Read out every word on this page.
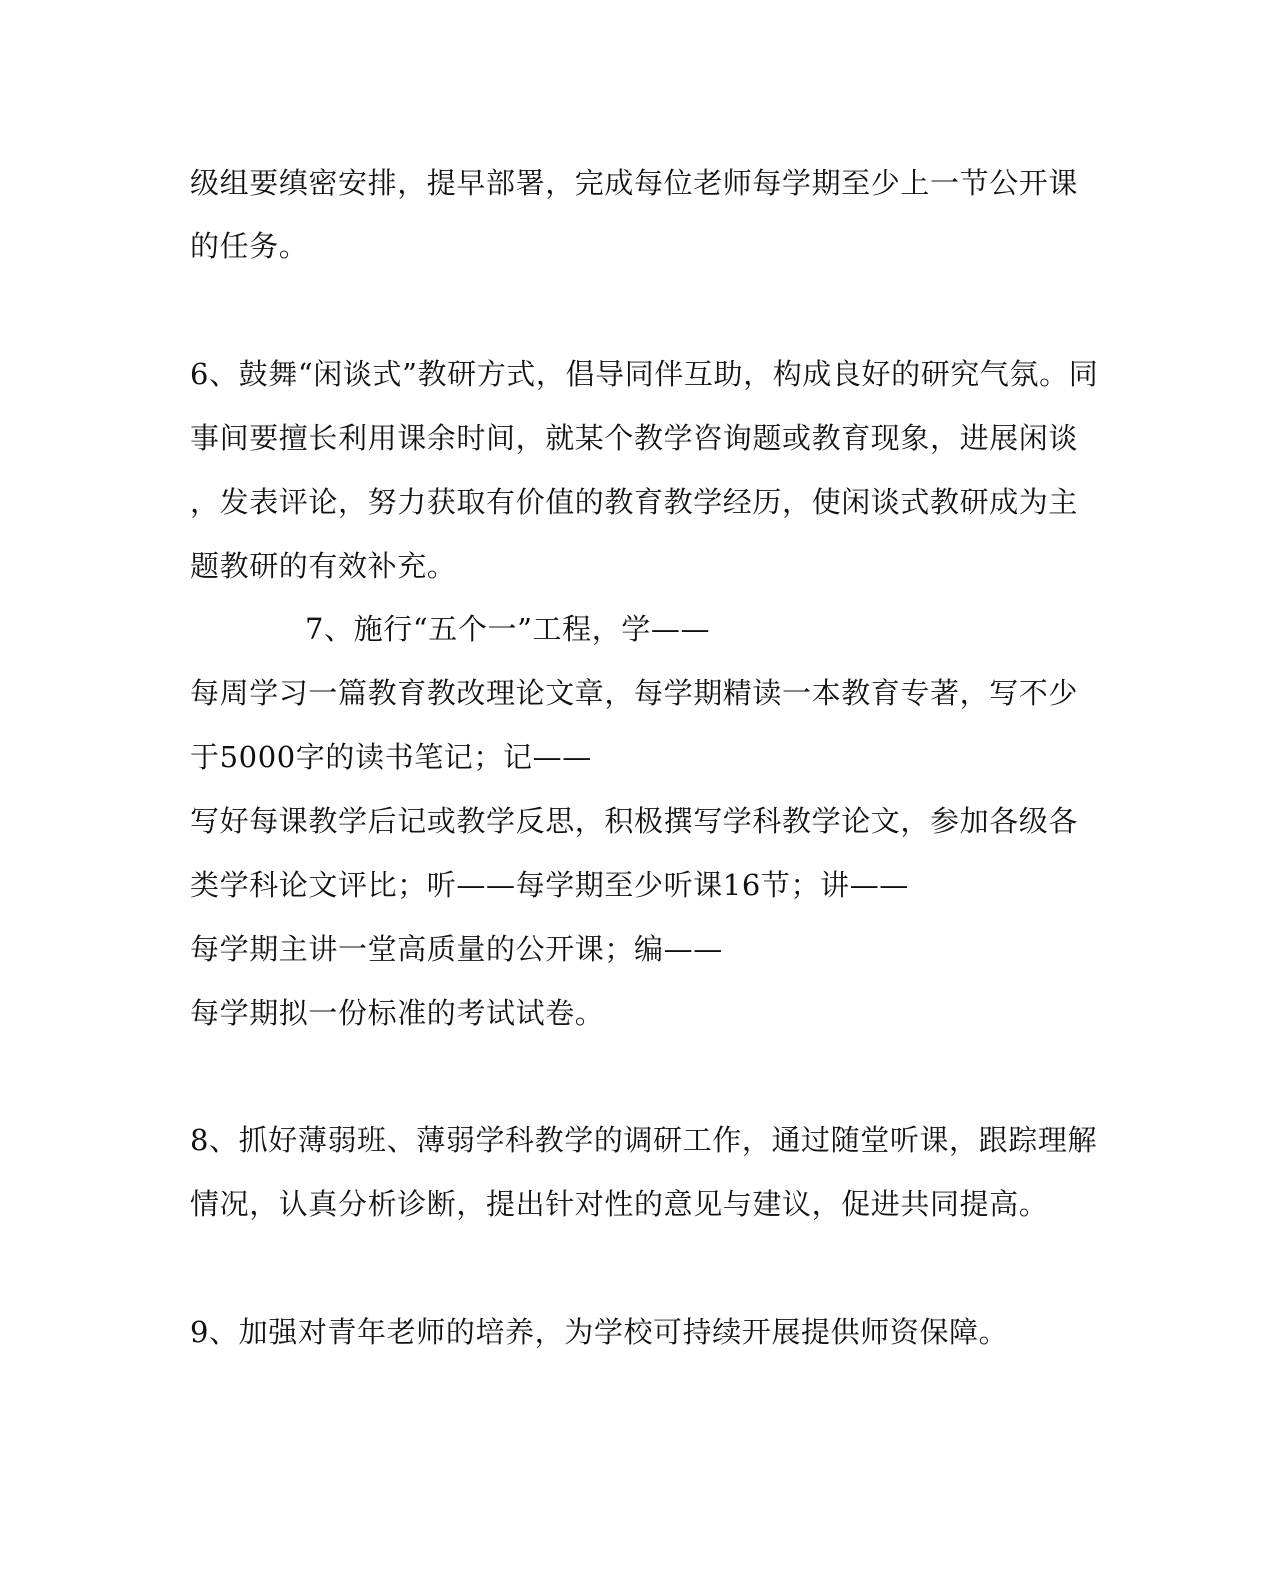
级组要缜密安排，提早部署，完成每位老师每学期至少上一节公开课
的任务。
6、鼓舞“闲谈式”教研方式，倡导同伴互助，构成良好的研究气氛。同
事间要擅长利用课余时间，就某个教学咨询题或教育现象，进展闲谈
，发表评论，努力获取有价值的教育教学经历，使闲谈式教研成为主
题教研的有效补充。
7、施行“五个一”工程，学——
每周学习一篇教育教改理论文章，每学期精读一本教育专著，写不少
于5000字的读书笔记；记——
写好每课教学后记或教学反思，积极撰写学科教学论文，参加各级各
类学科论文评比；听——每学期至少听课16节；讲——
每学期主讲一堂高质量的公开课；编——
每学期拟一份标准的考试试卷。
8、抓好薄弱班、薄弱学科教学的调研工作，通过随堂听课，跟踪理解
情况，认真分析诊断，提出针对性的意见与建议，促进共同提高。
9、加强对青年老师的培养，为学校可持续开展提供师资保障。
